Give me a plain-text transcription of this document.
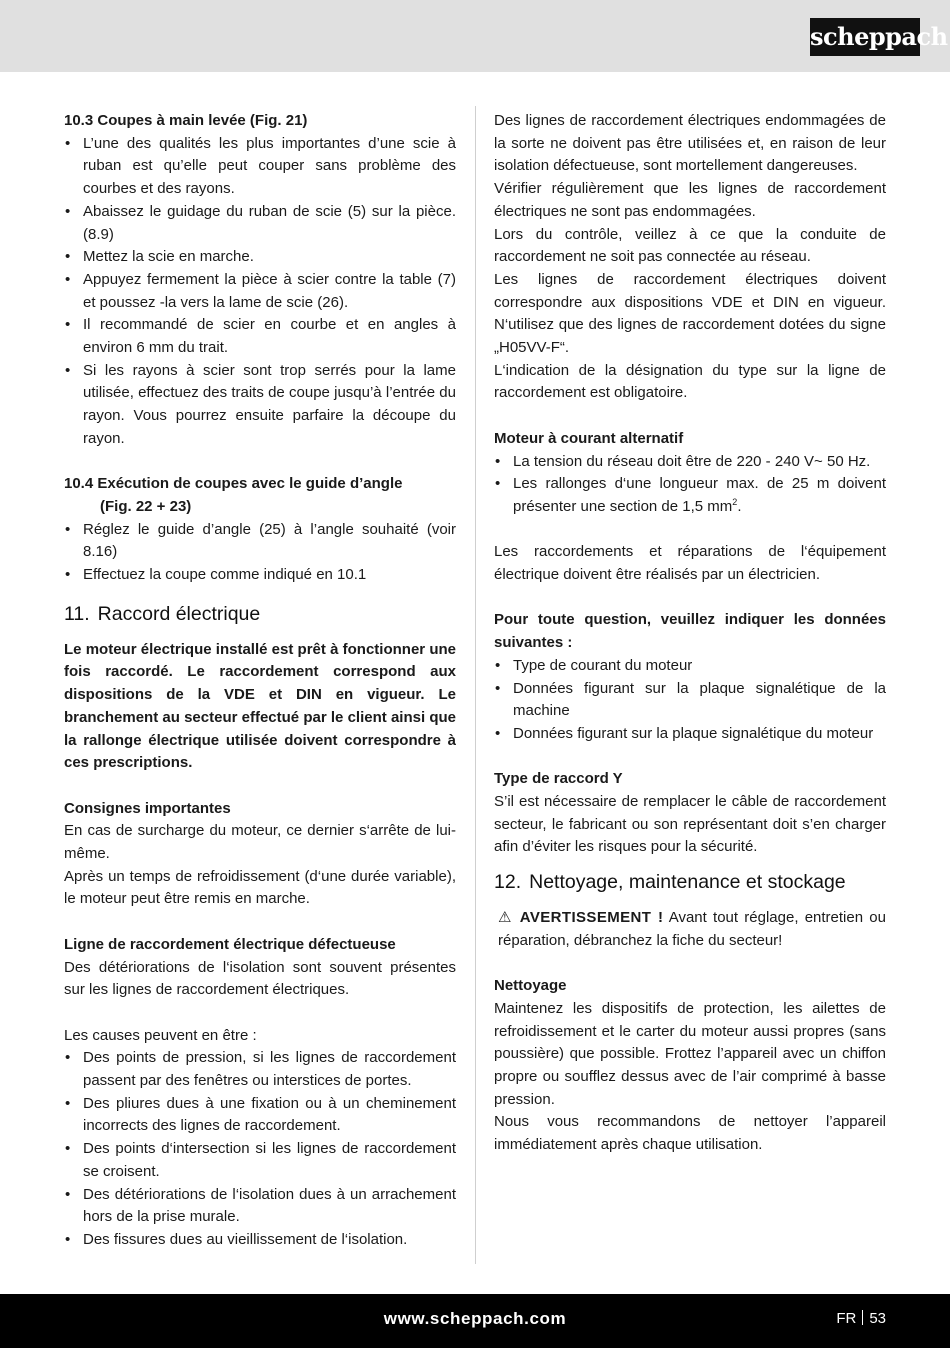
scheppach
10.3 Coupes à main levée (Fig. 21)
• L’une des qualités les plus importantes d’une scie à ruban est qu’elle peut couper sans problème des courbes et des rayons.
• Abaissez le guidage du ruban de scie (5) sur la pièce. (8.9)
• Mettez la scie en marche.
• Appuyez fermement la pièce à scier contre la table (7) et poussez -la vers la lame de scie (26).
• Il recommandé de scier en courbe et en angles à environ 6 mm du trait.
• Si les rayons à scier sont trop serrés pour la lame utilisée, effectuez des traits de coupe jusqu’à l’entrée du rayon. Vous pourrez ensuite parfaire la découpe du rayon.
10.4 Exécution de coupes avec le guide d’angle
(Fig. 22 + 23)
• Réglez le guide d’angle (25) à l’angle souhaité (voir 8.16)
• Effectuez la coupe comme indiqué en 10.1
11. Raccord électrique

Le moteur électrique installé est prêt à fonctionner une fois raccordé. Le raccordement correspond aux dispositions de la VDE et DIN en vigueur. Le branchement au secteur effectué par le client ainsi que la rallonge électrique utilisée doivent correspondre à ces prescriptions.

Consignes importantes

En cas de surcharge du moteur, ce dernier s‘arrête de lui-même.

Après un temps de refroidissement (d‘une durée variable), le moteur peut être remis en marche.

Ligne de raccordement électrique défectueuse

Des détériorations de l‘isolation sont souvent présentes sur les lignes de raccordement électriques.

Les causes peuvent en être :

• Des points de pression, si les lignes de raccordement passent par des fenêtres ou interstices de portes.
• Des pliures dues à une fixation ou à un cheminement incorrects des lignes de raccordement.
• Des points d‘intersection si les lignes de raccordement se croisent.
• Des détériorations de l‘isolation dues à un arrachement hors de la prise murale.
• Des fissures dues au vieillissement de l‘isolation.

Des lignes de raccordement électriques endommagées de la sorte ne doivent pas être utilisées et, en raison de leur isolation défectueuse, sont mortellement dangereuses.

Vérifier régulièrement que les lignes de raccordement électriques ne sont pas endommagées.

Lors du contrôle, veillez à ce que la conduite de raccordement ne soit pas connectée au réseau.

Les lignes de raccordement électriques doivent correspondre aux dispositions VDE et DIN en vigueur. N‘utilisez que des lignes de raccordement dotées du signe „H05VV-F“.

L‘indication de la désignation du type sur la ligne de raccordement est obligatoire.

Moteur à courant alternatif
• La tension du réseau doit être de 220 - 240 V~ 50 Hz.
• Les rallonges d‘une longueur max. de 25 m doivent présenter une section de 1,5 $mm^2$.

Les raccordements et réparations de l‘équipement électrique doivent être réalisés par un électricien.

Pour toute question, veuillez indiquer les données suivantes :
• Type de courant du moteur
• Données figurant sur la plaque signalétique de la machine
• Données figurant sur la plaque signalétique du moteur
Type de raccord Y

S’il est nécessaire de remplacer le câble de raccordement secteur, le fabricant ou son représentant doit s’en charger afin d’éviter les risques pour la sécurité.

12. Nettoyage, maintenance et stockage

⚠ AVERTISSEMENT ! Avant tout réglage, entretien ou réparation, débranchez la fiche du secteur!

Nettoyage

Maintenez les dispositifs de protection, les ailettes de refroidissement et le carter du moteur aussi propres (sans poussière) que possible. Frottez l’appareil avec un chiffon propre ou soufflez dessus avec de l’air comprimé à basse pression.

Nous vous recommandons de nettoyer l’appareil immédiatement après chaque utilisation.

www.scheppach.com	FR 53
